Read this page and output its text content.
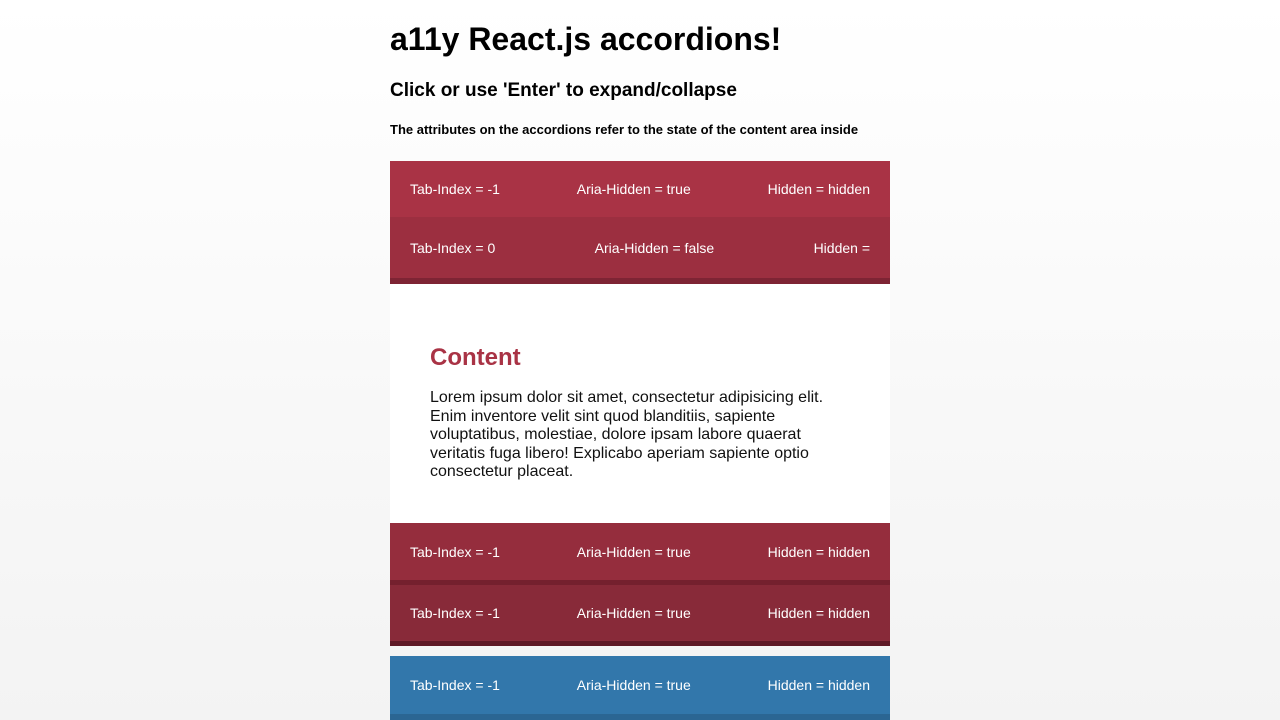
a11y React.js accordions!
Click or use 'Enter' to expand/collapse
The attributes on the accordions refer to the state of the content area inside
Tab-Index = -1	Aria-Hidden = true	Hidden = hidden
Tab-Index = 0	Aria-Hidden = false	Hidden =
Content

Lorem ipsum dolor sit amet, consectetur adipisicing elit. Enim inventore velit sint quod blanditiis, sapiente voluptatibus, molestiae, dolore ipsam labore quaerat veritatis fuga libero! Explicabo aperiam sapiente optio consectetur placeat.

Tab-Index = -1	Aria-Hidden = true	Hidden = hidden
Tab-Index = -1	Aria-Hidden = true	Hidden = hidden
Tab-Index = -1	Aria-Hidden = true	Hidden = hidden
